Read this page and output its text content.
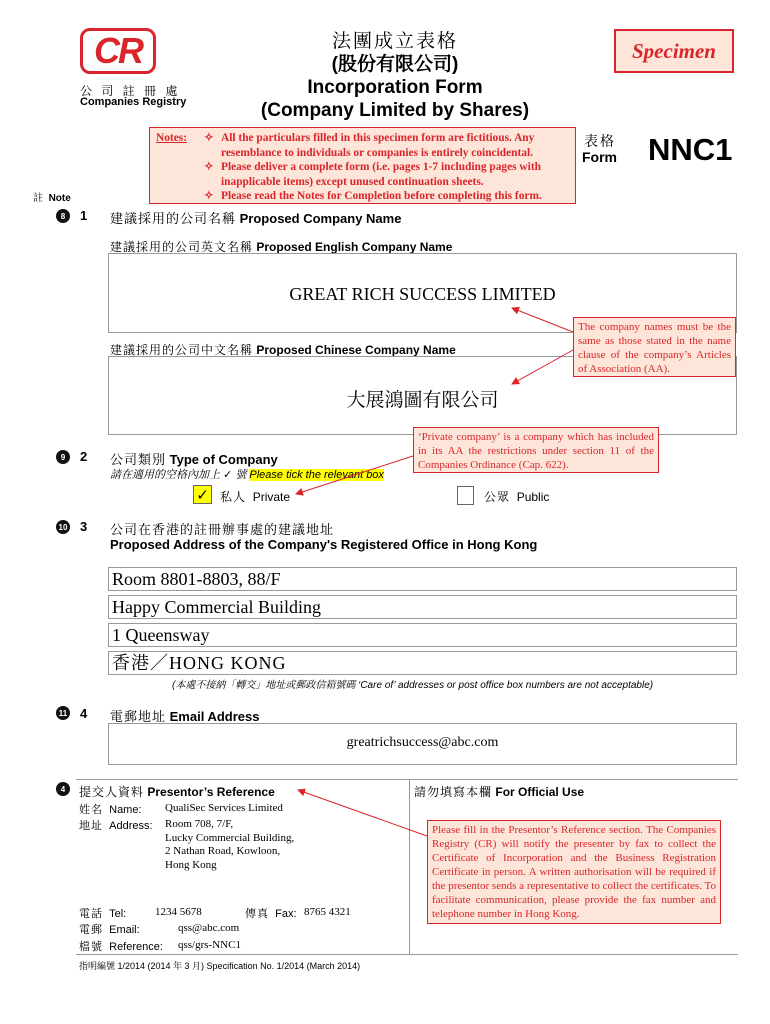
CR
公 司 註 冊 處
Companies Registry
法團成立表格
(股份有限公司)
Incorporation Form
(Company Limited by Shares)
Specimen
表格
Form NNC1
Notes:
✧	All the particulars filled in this specimen form are fictitious. Any resemblance to individuals or companies is entirely coincidental.
✧ Please deliver a complete form (i.e. pages 1-7 including pages with inapplicable items) except unused continuation sheets.
✧ Please read the Notes for Completion before completing this form.
註 Note
8	1 建議採用的公司名稱 Proposed Company Name
建議採用的公司英文名稱 Proposed English Company Name
GREAT RICH SUCCESS LIMITED
建議採用的公司中文名稱 Proposed Chinese Company Name
大展鴻圖有限公司
The company names must be the same as those stated in the name clause of the company’s Articles of Association (AA).
‘Private company’ is a company which has included in its AA the restrictions under section 11 of the Companies Ordinance (Cap. 622).
9	2 公司類別 Type of Company
請在適用的空格內加上 ✓ 號 Please tick the relevant box
✓ 私人 Private	公眾 Public
10 3 公司在香港的註冊辦事處的建議地址
Proposed Address of the Company's Registered Office in Hong Kong
Room 8801-8803, 88/F
Happy Commercial Building
1 Queensway
香港／HONG KONG
(本處不接納「轉交」地址或郵政信箱號碼 ‘Care of’ addresses or post office box numbers are not acceptable)
11 4 電郵地址 Email Address
greatrichsuccess@abc.com
4	提交人資料 Presentor’s Reference
姓名 Name: QualiSec Services Limited
地址 Address: Room 708, 7/F,
Lucky Commercial Building,
2 Nathan Road, Kowloon,
Hong Kong
電話 Tel:	1234 5678	傳真 Fax: 8765 4321
電郵 Email:	qss@abc.com
檔號 Reference: qss/grs-NNC1
請勿填寫本欄 For Official Use
Please fill in the Presentor’s Reference section. The Companies Registry (CR) will notify the presenter by fax to collect the Certificate of Incorporation and the Business Registration Certificate in person. A written authorisation will be required if the presentor sends a representative to collect the certificates. To facilitate communication, please provide the fax number and telephone number in Hong Kong.
指明編號 1/2014 (2014 年 3 月) Specification No. 1/2014 (March 2014)
